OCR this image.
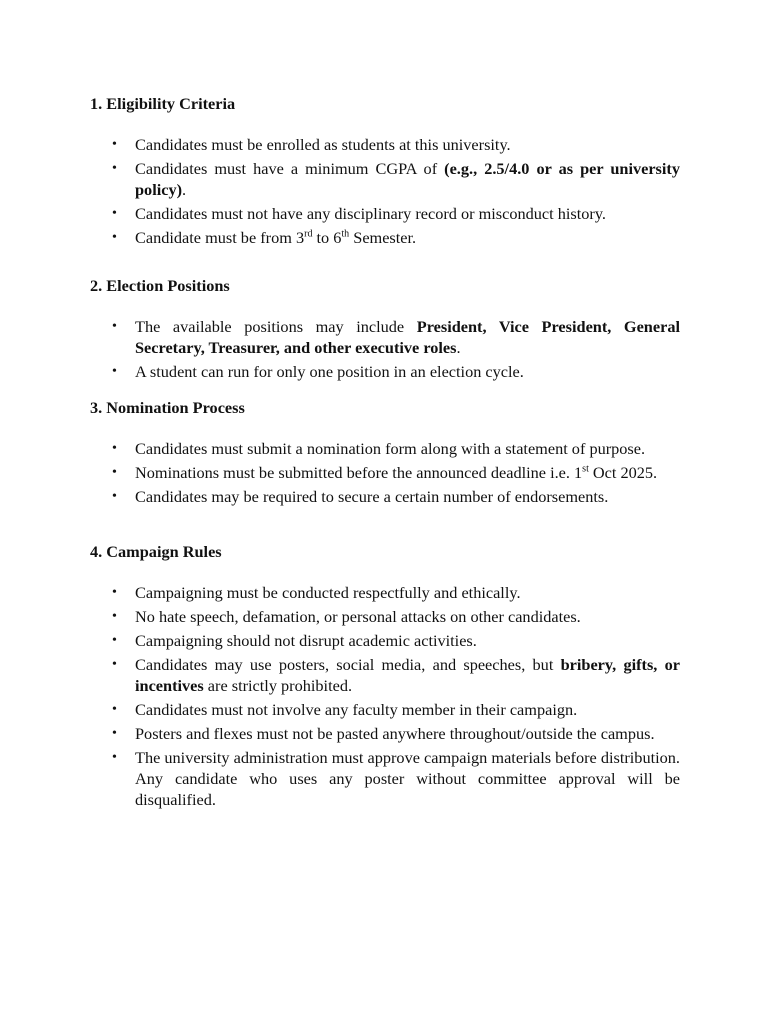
1. Eligibility Criteria
• Candidates must be enrolled as students at this university.
• Candidates must have a minimum CGPA of (e.g., 2.5/4.0 or as per university policy).
• Candidates must not have any disciplinary record or misconduct history.
• Candidate must be from 3rd to 6th Semester.
2. Election Positions
• The available positions may include President, Vice President, General Secretary, Treasurer, and other executive roles.
• A student can run for only one position in an election cycle.
3. Nomination Process
• Candidates must submit a nomination form along with a statement of purpose.
• Nominations must be submitted before the announced deadline i.e. 1st Oct 2025.
• Candidates may be required to secure a certain number of endorsements.
4. Campaign Rules
• Campaigning must be conducted respectfully and ethically.
• No hate speech, defamation, or personal attacks on other candidates.
• Campaigning should not disrupt academic activities.
• Candidates may use posters, social media, and speeches, but bribery, gifts, or incentives are strictly prohibited.
• Candidates must not involve any faculty member in their campaign.
• Posters and flexes must not be pasted anywhere throughout/outside the campus.
• The university administration must approve campaign materials before distribution. Any candidate who uses any poster without committee approval will be disqualified.
